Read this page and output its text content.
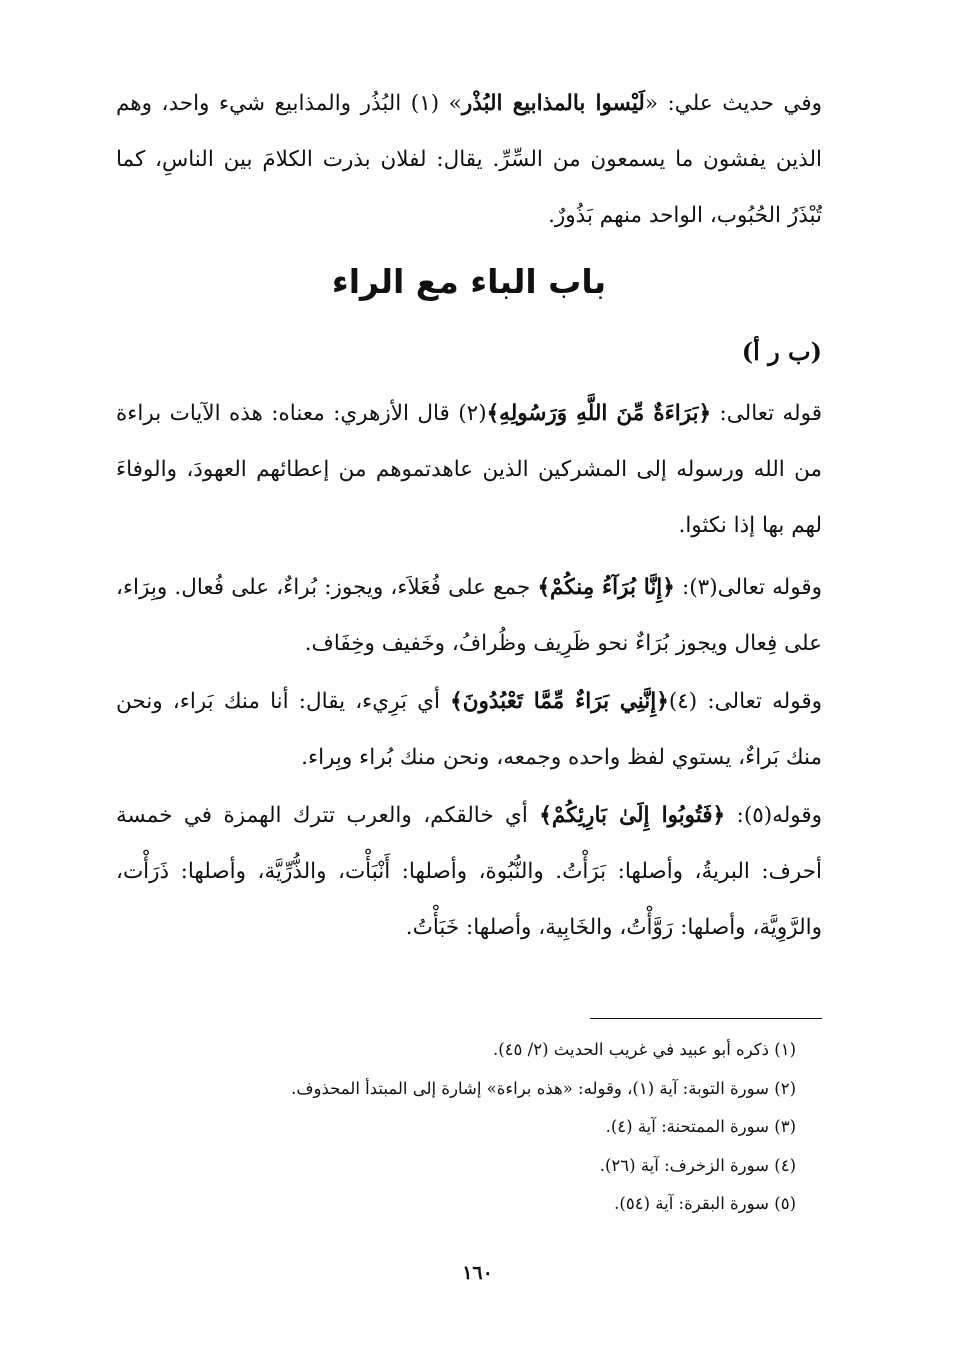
وفي حديث علي: «لَيْسوا بالمذابيع البُذْر» (١) البُذُر والمذابيع شيء واحد، وهم الذين يفشون ما يسمعون من السِّرِّ. يقال: لفلان بذرت الكلامَ بين الناسِ، كما تُبْذَرُ الحُبُوب، الواحد منهم بَذُورٌ.

باب الباء مع الراء
(ب ر أ)

قوله تعالى: ﴿بَرَاءَةٌ مِّنَ اللَّهِ وَرَسُولِهِ﴾(٢) قال الأزهري: معناه: هذه الآيات براءة من الله ورسوله إلى المشركين الذين عاهدتموهم من إعطائهم العهودَ، والوفاءَ لهم بها إذا نكثوا.

وقوله تعالى(٣): ﴿إِنَّا بُرَآءُ مِنكُمْ﴾ جمع على فُعَلاَء، ويجوز: بُراءٌ، على فُعال. وبِرَاء، على فِعال ويجوز بُرَاءٌ نحو ظَرِيف وظُرافُ، وخَفيف وخِفَاف.

وقوله تعالى: (٤)﴿إِنَّنِي بَرَاءٌ مِّمَّا تَعْبُدُونَ﴾ أي بَرِيء، يقال: أنا منك بَراء، ونحن منك بَراءٌ، يستوي لفظ واحده وجمعه، ونحن منك بُراء وبِراء.

وقوله(٥): ﴿فَتُوبُوا إِلَىٰ بَارِئِكُمْ﴾ أي خالقكم، والعرب تترك الهمزة في خمسة أحرف: البريةُ، وأصلها: بَرَأْتُ. والنُّبُوة، وأصلها: أَنْبَأْت، والذُّرِّيَّة، وأصلها: ذَرَأْت، والرَّوِيَّة، وأصلها: رَوَّأْتُ، والخَابِية، وأصلها: خَبَأْتُ.

(١) ذكره أبو عبيد في غريب الحديث (٢/ ٤٥).

(٢) سورة التوبة: آية (١)، وقوله: «هذه براءة» إشارة إلى المبتدأ المحذوف.

(٣) سورة الممتحنة: آية (٤).

(٤) سورة الزخرف: آية (٢٦).

(٥) سورة البقرة: آية (٥٤).

١٦٠
